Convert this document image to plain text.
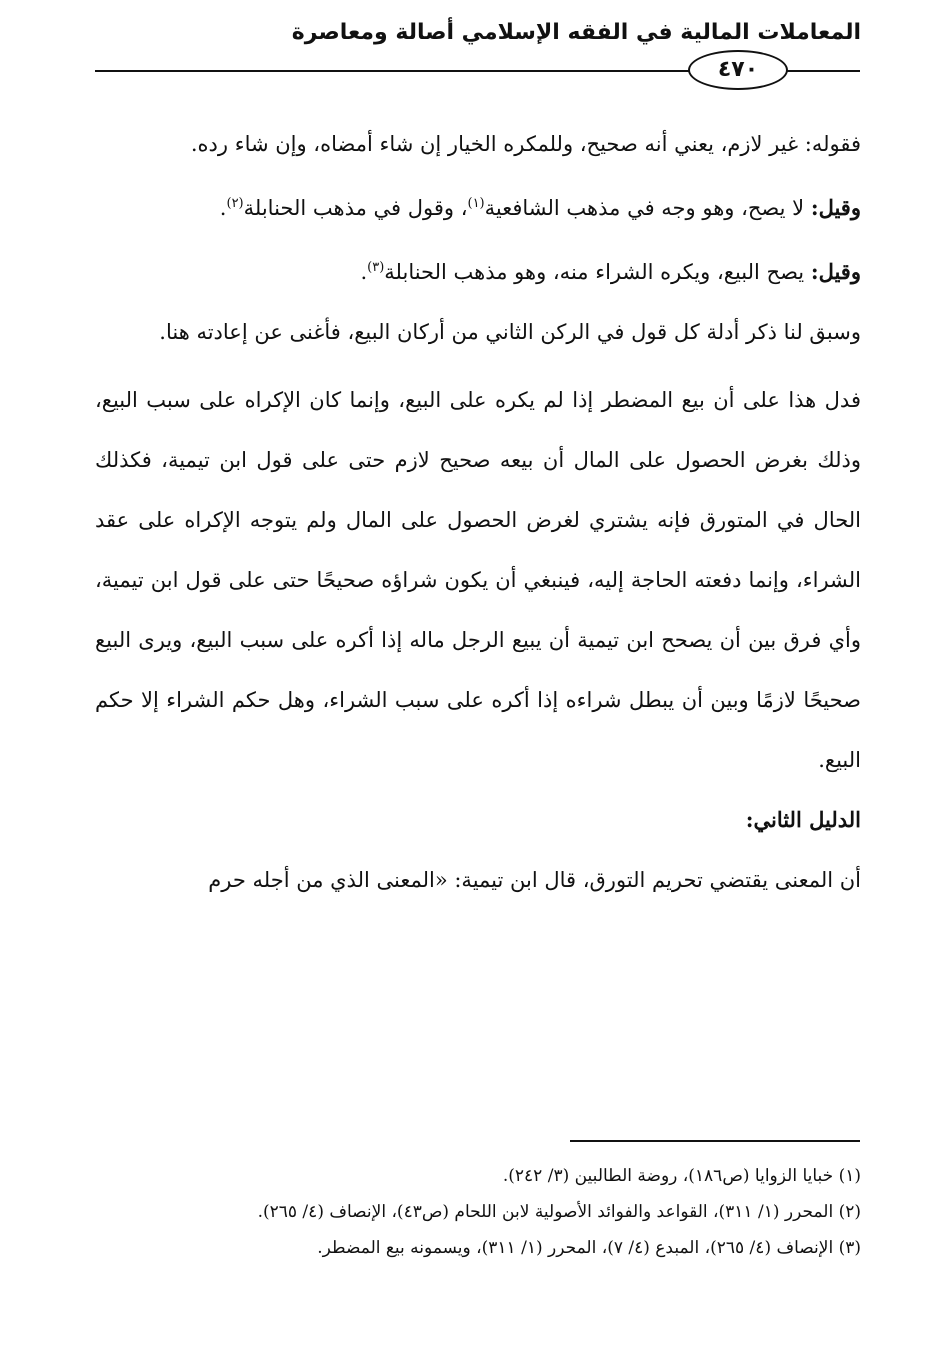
المعاملات المالية في الفقه الإسلامي أصالة ومعاصرة
٤٧٠

فقوله: غير لازم، يعني أنه صحيح، وللمكره الخيار إن شاء أمضاه، وإن شاء رده.

وقيل: لا يصح، وهو وجه في مذهب الشافعية$^{(١)}$، وقول في مذهب الحنابلة$^{(٢)}$.

وقيل: يصح البيع، ويكره الشراء منه، وهو مذهب الحنابلة$^{(٣)}$.

وسبق لنا ذكر أدلة كل قول في الركن الثاني من أركان البيع، فأغنى عن إعادته هنا.

فدل هذا على أن بيع المضطر إذا لم يكره على البيع، وإنما كان الإكراه على سبب البيع، وذلك بغرض الحصول على المال أن بيعه صحيح لازم حتى على قول ابن تيمية، فكذلك الحال في المتورق فإنه يشتري لغرض الحصول على المال ولم يتوجه الإكراه على عقد الشراء، وإنما دفعته الحاجة إليه، فينبغي أن يكون شراؤه صحيحًا حتى على قول ابن تيمية، وأي فرق بين أن يصحح ابن تيمية أن يبيع الرجل ماله إذا أكره على سبب البيع، ويرى البيع صحيحًا لازمًا وبين أن يبطل شراءه إذا أكره على سبب الشراء، وهل حكم الشراء إلا حكم البيع.

الدليل الثاني:

أن المعنى يقتضي تحريم التورق، قال ابن تيمية: «المعنى الذي من أجله حرم

(١) خبايا الزوايا (ص١٨٦)، روضة الطالبين (٣/ ٢٤٢).

(٢) المحرر (١/ ٣١١)، القواعد والفوائد الأصولية لابن اللحام (ص٤٣)، الإنصاف (٤/ ٢٦٥).

(٣) الإنصاف (٤/ ٢٦٥)، المبدع (٤/ ٧)، المحرر (١/ ٣١١)، ويسمونه بيع المضطر.
